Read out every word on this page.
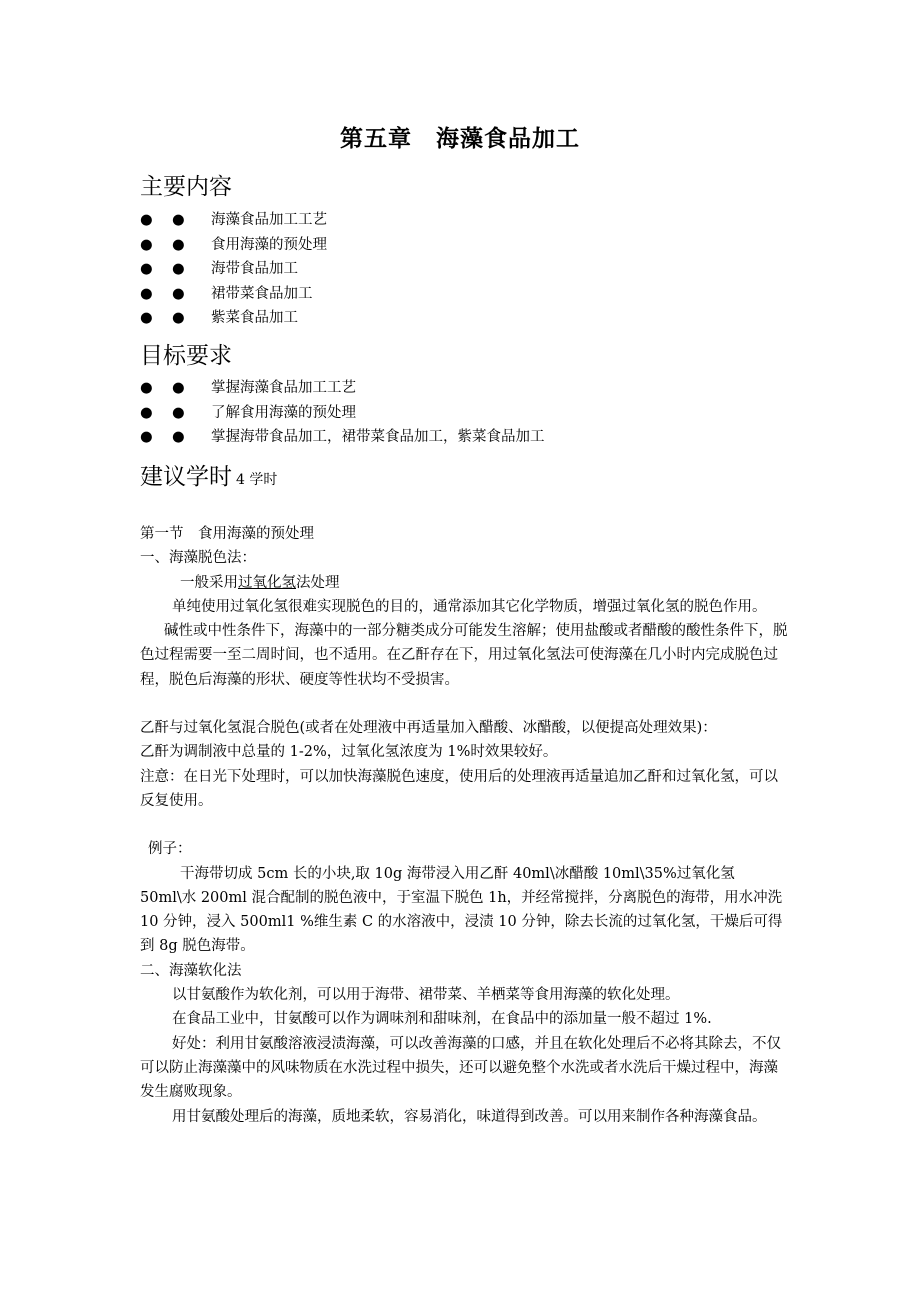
第五章　海藻食品加工
主要内容
● ● 海藻食品加工工艺
● ● 食用海藻的预处理
● ● 海带食品加工
● ● 裙带菜食品加工
● ● 紫菜食品加工
目标要求
● ● 掌握海藻食品加工工艺
● ● 了解食用海藻的预处理
● ● 掌握海带食品加工，裙带菜食品加工，紫菜食品加工
建议学时 4 学时

第一节　食用海藻的预处理

一、海藻脱色法：

一般采用过氧化氢法处理

单纯使用过氧化氢很难实现脱色的目的，通常添加其它化学物质，增强过氧化氢的脱色作用。

碱性或中性条件下，海藻中的一部分糖类成分可能发生溶解；使用盐酸或者醋酸的酸性条件下，脱色过程需要一至二周时间，也不适用。在乙酐存在下，用过氧化氢法可使海藻在几小时内完成脱色过程，脱色后海藻的形状、硬度等性状均不受损害。

乙酐与过氧化氢混合脱色(或者在处理液中再适量加入醋酸、冰醋酸，以便提高处理效果)：

乙酐为调制液中总量的 1-2%，过氧化氢浓度为 1%时效果较好。

注意：在日光下处理时，可以加快海藻脱色速度，使用后的处理液再适量追加乙酐和过氧化氢，可以反复使用。

例子：

干海带切成 5cm 长的小块,取 10g 海带浸入用乙酐 40ml\冰醋酸 10ml\35%过氧化氢 50ml\水 200ml 混合配制的脱色液中，于室温下脱色 1h，并经常搅拌，分离脱色的海带，用水冲洗 10 分钟，浸入 500ml1 %维生素 C 的水溶液中，浸渍 10 分钟，除去长流的过氧化氢，干燥后可得到 8g 脱色海带。

二、海藻软化法

以甘氨酸作为软化剂，可以用于海带、裙带菜、羊栖菜等食用海藻的软化处理。

在食品工业中，甘氨酸可以作为调味剂和甜味剂，在食品中的添加量一般不超过 1%.

好处：利用甘氨酸溶液浸渍海藻，可以改善海藻的口感，并且在软化处理后不必将其除去，不仅可以防止海藻藻中的风味物质在水洗过程中损失，还可以避免整个水洗或者水洗后干燥过程中，海藻发生腐败现象。

用甘氨酸处理后的海藻，质地柔软，容易消化，味道得到改善。可以用来制作各种海藻食品。
